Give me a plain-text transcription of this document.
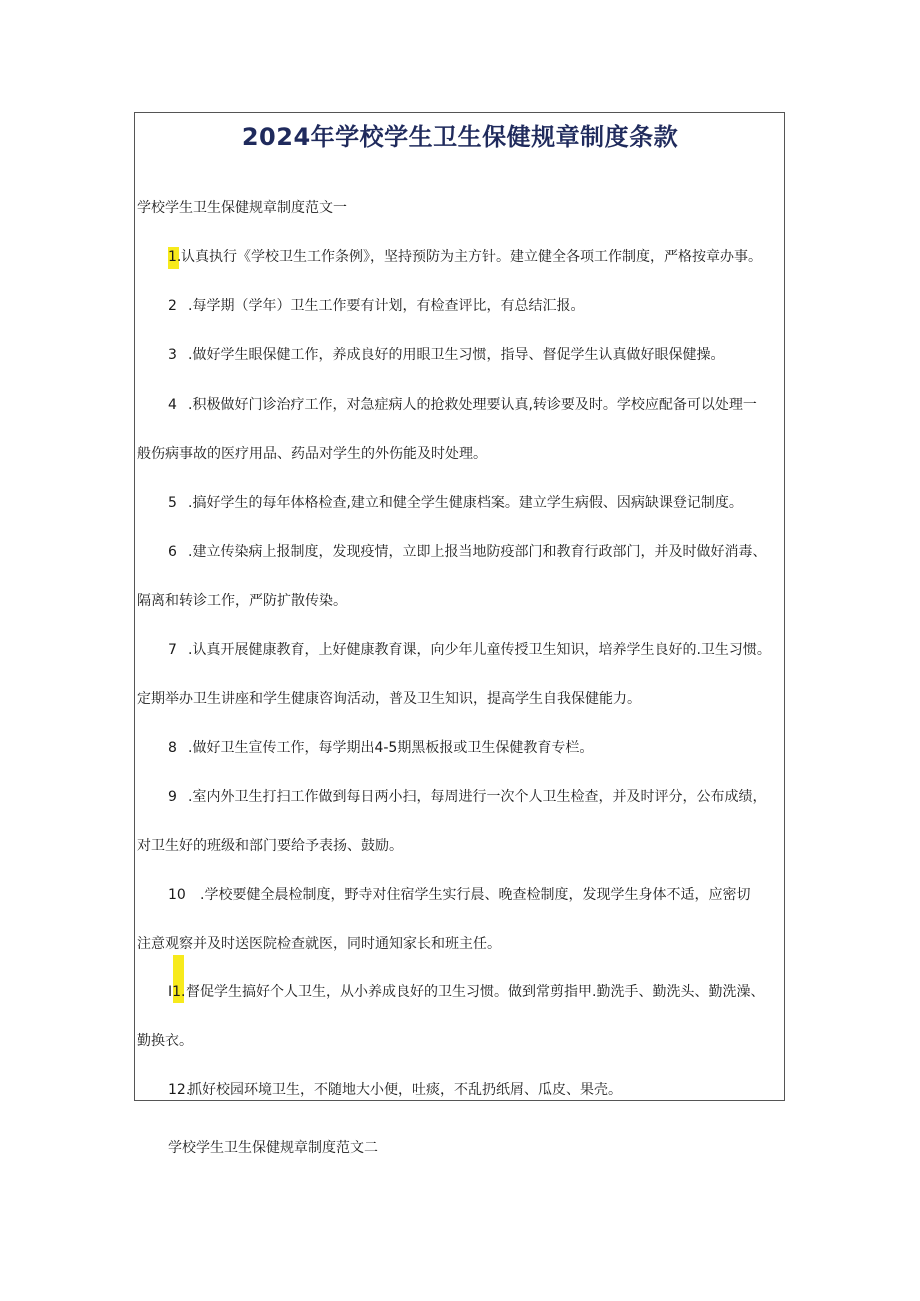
2024年学校学生卫生保健规章制度条款
学校学生卫生保健规章制度范文一
1. 认真执行《学校卫生工作条例》，坚持预防为主方针。建立健全各项工作制度，严格按章办事。
2 .每学期（学年）卫生工作要有计划，有检查评比，有总结汇报。
3 .做好学生眼保健工作，养成良好的用眼卫生习惯，指导、督促学生认真做好眼保健操。
4 .积极做好门诊治疗工作，对急症病人的抢救处理要认真,转诊要及时。学校应配备可以处理一
般伤病事故的医疗用品、药品对学生的外伤能及时处理。
5 .搞好学生的每年体格检查,建立和健全学生健康档案。建立学生病假、因病缺课登记制度。
6 .建立传染病上报制度，发现疫情，立即上报当地防疫部门和教育行政部门，并及时做好消毒、
隔离和转诊工作，严防扩散传染。
7 .认真开展健康教育，上好健康教育课，向少年儿童传授卫生知识，培养学生良好的.卫生习惯。
定期举办卫生讲座和学生健康咨询活动，普及卫生知识，提高学生自我保健能力。
8 .做好卫生宣传工作，每学期出4-5期黑板报或卫生保健教育专栏。
9 .室内外卫生打扫工作做到每日两小扫，每周进行一次个人卫生检查，并及时评分，公布成绩，
对卫生好的班级和部门要给予表扬、鼓励。
10 .学校要健全晨检制度，野寺对住宿学生实行晨、晚查检制度，发现学生身体不适，应密切
注意观察并及时送医院检查就医，同时通知家长和班主任。
I1. 督促学生搞好个人卫生，从小养成良好的卫生习惯。做到常剪指甲.勤洗手、勤洗头、勤洗澡、
勤换衣。
12.
抓好校园环境卫生，不随地大小便，吐痰，不乱扔纸屑、瓜皮、果壳。
学校学生卫生保健规章制度范文二
